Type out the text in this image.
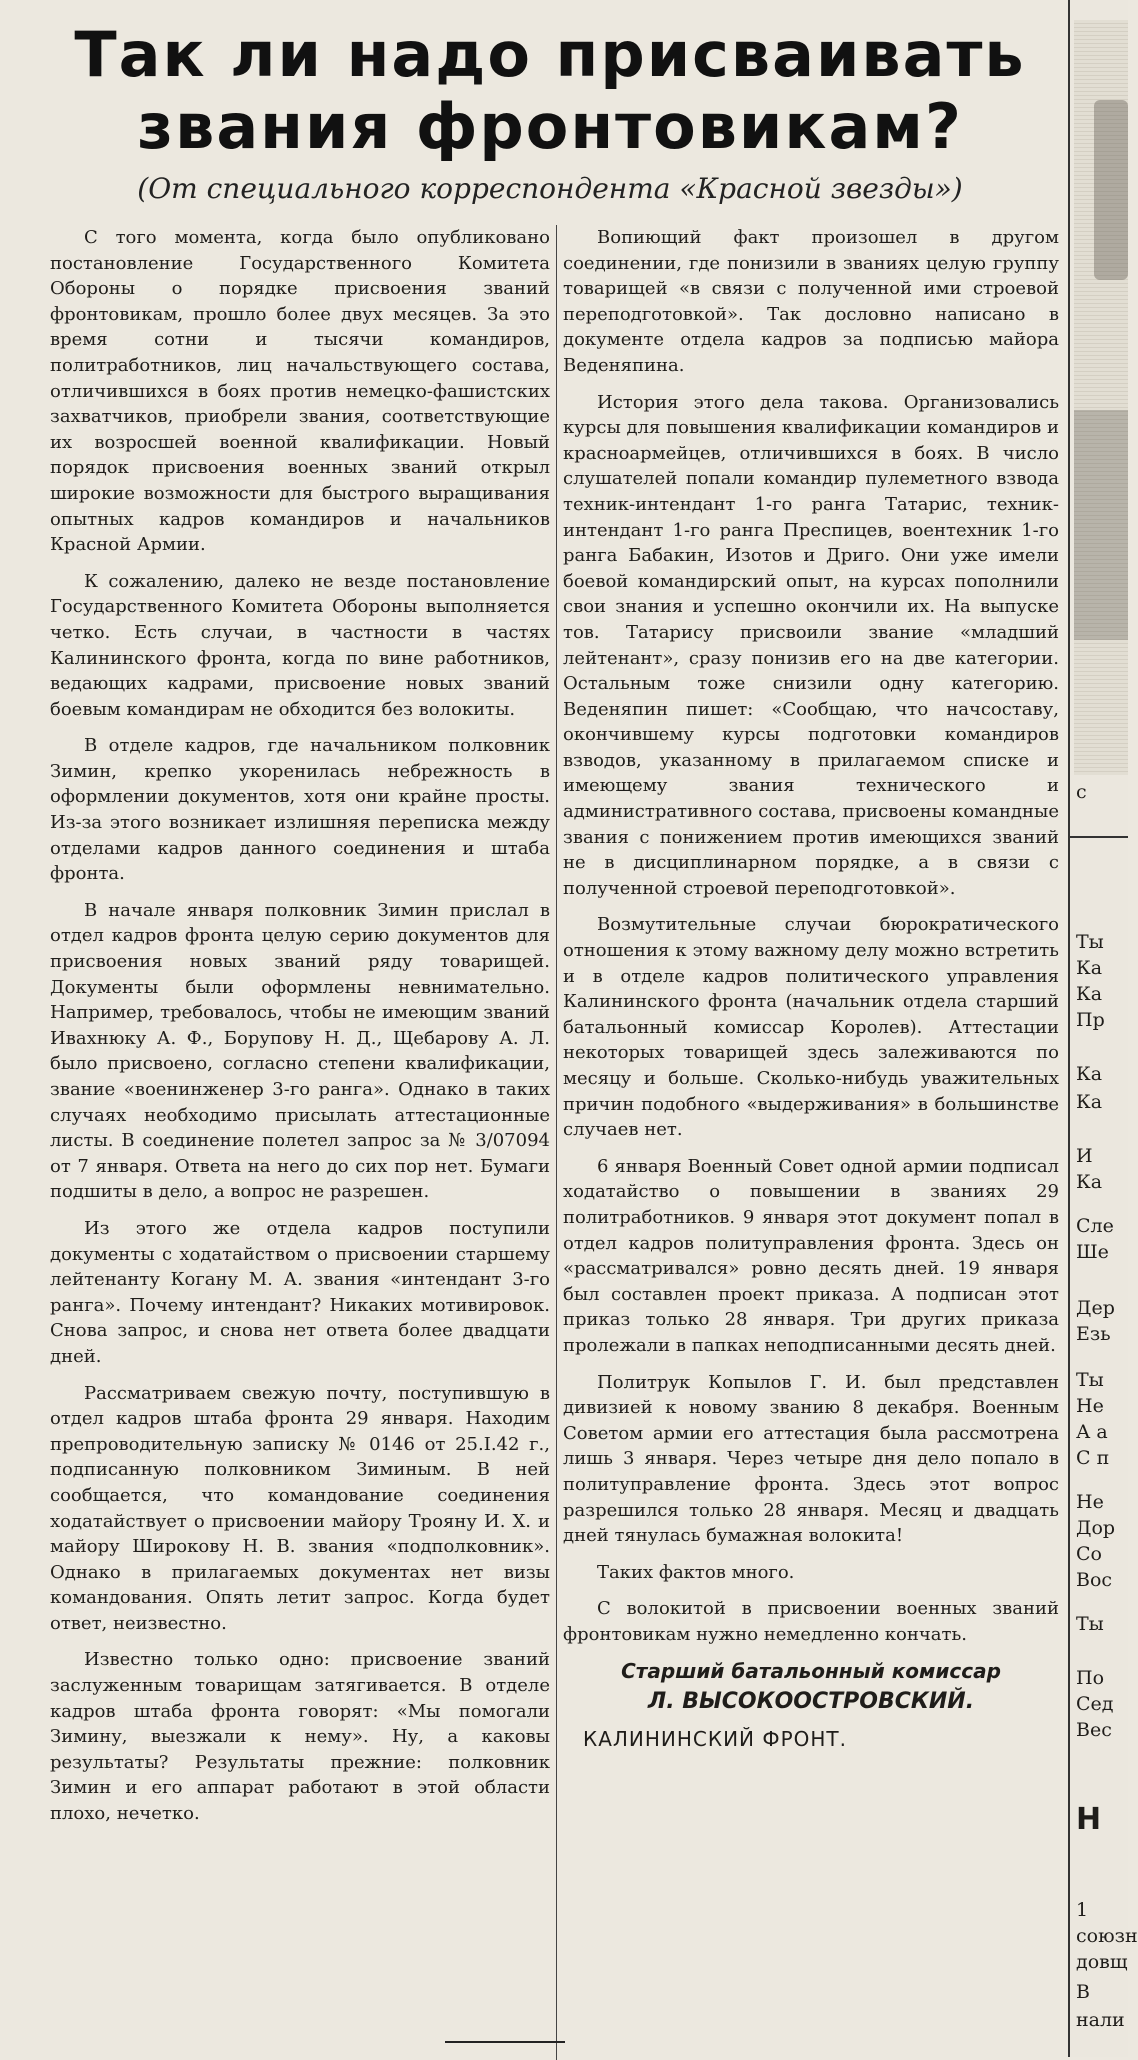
Так ли надо присваивать
звания фронтовикам?

(От специального корреспондента «Красной звезды»)

С того момента, когда было опубликовано постановление Государственного Комитета Обороны о порядке присвоения званий фронтовикам, прошло более двух месяцев. За это время сотни и тысячи командиров, политработников, лиц начальствующего состава, отличившихся в боях против немецко-фашистских захватчиков, приобрели звания, соответствующие их возросшей военной квалификации. Новый порядок присвоения военных званий открыл широкие возможности для быстрого выращивания опытных кадров командиров и начальников Красной Армии.

К сожалению, далеко не везде постановление Государственного Комитета Обороны выполняется четко. Есть случаи, в частности в частях Калининского фронта, когда по вине работников, ведающих кадрами, присвоение новых званий боевым командирам не обходится без волокиты.

В отделе кадров, где начальником полковник Зимин, крепко укоренилась небрежность в оформлении документов, хотя они крайне просты. Из-за этого возникает излишняя переписка между отделами кадров данного соединения и штаба фронта.

В начале января полковник Зимин прислал в отдел кадров фронта целую серию документов для присвоения новых званий ряду товарищей. Документы были оформлены невнимательно. Например, требовалось, чтобы не имеющим званий Ивахнюку А. Ф., Борупову Н. Д., Щебарову А. Л. было присвоено, согласно степени квалификации, звание «военинженер 3-го ранга». Однако в таких случаях необходимо присылать аттестационные листы. В соединение полетел запрос за № 3/07094 от 7 января. Ответа на него до сих пор нет. Бумаги подшиты в дело, а вопрос не разрешен.

Из этого же отдела кадров поступили документы с ходатайством о присвоении старшему лейтенанту Когану М. А. звания «интендант 3-го ранга». Почему интендант? Никаких мотивировок. Снова запрос, и снова нет ответа более двадцати дней.

Рассматриваем свежую почту, поступившую в отдел кадров штаба фронта 29 января. Находим препроводительную записку № 0146 от 25.I.42 г., подписанную полковником Зиминым. В ней сообщается, что командование соединения ходатайствует о присвоении майору Трояну И. Х. и майору Широкову Н. В. звания «подполковник». Однако в прилагаемых документах нет визы командования. Опять летит запрос. Когда будет ответ, неизвестно.

Известно только одно: присвоение званий заслуженным товарищам затягивается. В отделе кадров штаба фронта говорят: «Мы помогали Зимину, выезжали к нему». Ну, а каковы результаты? Результаты прежние: полковник Зимин и его аппарат работают в этой области плохо, нечетко.

Вопиющий факт произошел в другом соединении, где понизили в званиях целую группу товарищей «в связи с полученной ими строевой переподготовкой». Так дословно написано в документе отдела кадров за подписью майора Веденяпина.

История этого дела такова. Организовались курсы для повышения квалификации командиров и красноармейцев, отличившихся в боях. В число слушателей попали командир пулеметного взвода техник-интендант 1-го ранга Татарис, техник-интендант 1-го ранга Преспицев, воентехник 1-го ранга Бабакин, Изотов и Дриго. Они уже имели боевой командирский опыт, на курсах пополнили свои знания и успешно окончили их. На выпуске тов. Татарису присвоили звание «младший лейтенант», сразу понизив его на две категории. Остальным тоже снизили одну категорию. Веденяпин пишет: «Сообщаю, что начсоставу, окончившему курсы подготовки командиров взводов, указанному в прилагаемом списке и имеющему звания технического и административного состава, присвоены командные звания с понижением против имеющихся званий не в дисциплинарном порядке, а в связи с полученной строевой переподготовкой».

Возмутительные случаи бюрократического отношения к этому важному делу можно встретить и в отделе кадров политического управления Калининского фронта (начальник отдела старший батальонный комиссар Королев). Аттестации некоторых товарищей здесь залеживаются по месяцу и больше. Сколько-нибудь уважительных причин подобного «выдерживания» в большинстве случаев нет.

6 января Военный Совет одной армии подписал ходатайство о повышении в званиях 29 политработников. 9 января этот документ попал в отдел кадров политуправления фронта. Здесь он «рассматривался» ровно десять дней. 19 января был составлен проект приказа. А подписан этот приказ только 28 января. Три других приказа пролежали в папках неподписанными десять дней.

Политрук Копылов Г. И. был представлен дивизией к новому званию 8 декабря. Военным Советом армии его аттестация была рассмотрена лишь 3 января. Через четыре дня дело попало в политуправление фронта. Здесь этот вопрос разрешился только 28 января. Месяц и двадцать дней тянулась бумажная волокита!

Таких фактов много.

С волокитой в присвоении военных званий фронтовикам нужно немедленно кончать.

Старший батальонный комиссар
Л. ВЫСОКООСТРОВСКИЙ.
КАЛИНИНСКИЙ ФРОНТ.
с
Ты
Ка
Ка
Пр
Ка
Ка
И
Ка
Сле
Ше
Дер
Езь
Ты
Не
А а
С п
Не
Дор
Со
Вос
Ты
По
Сед
Вес
Н
1
союзн
довщ
В
нали
